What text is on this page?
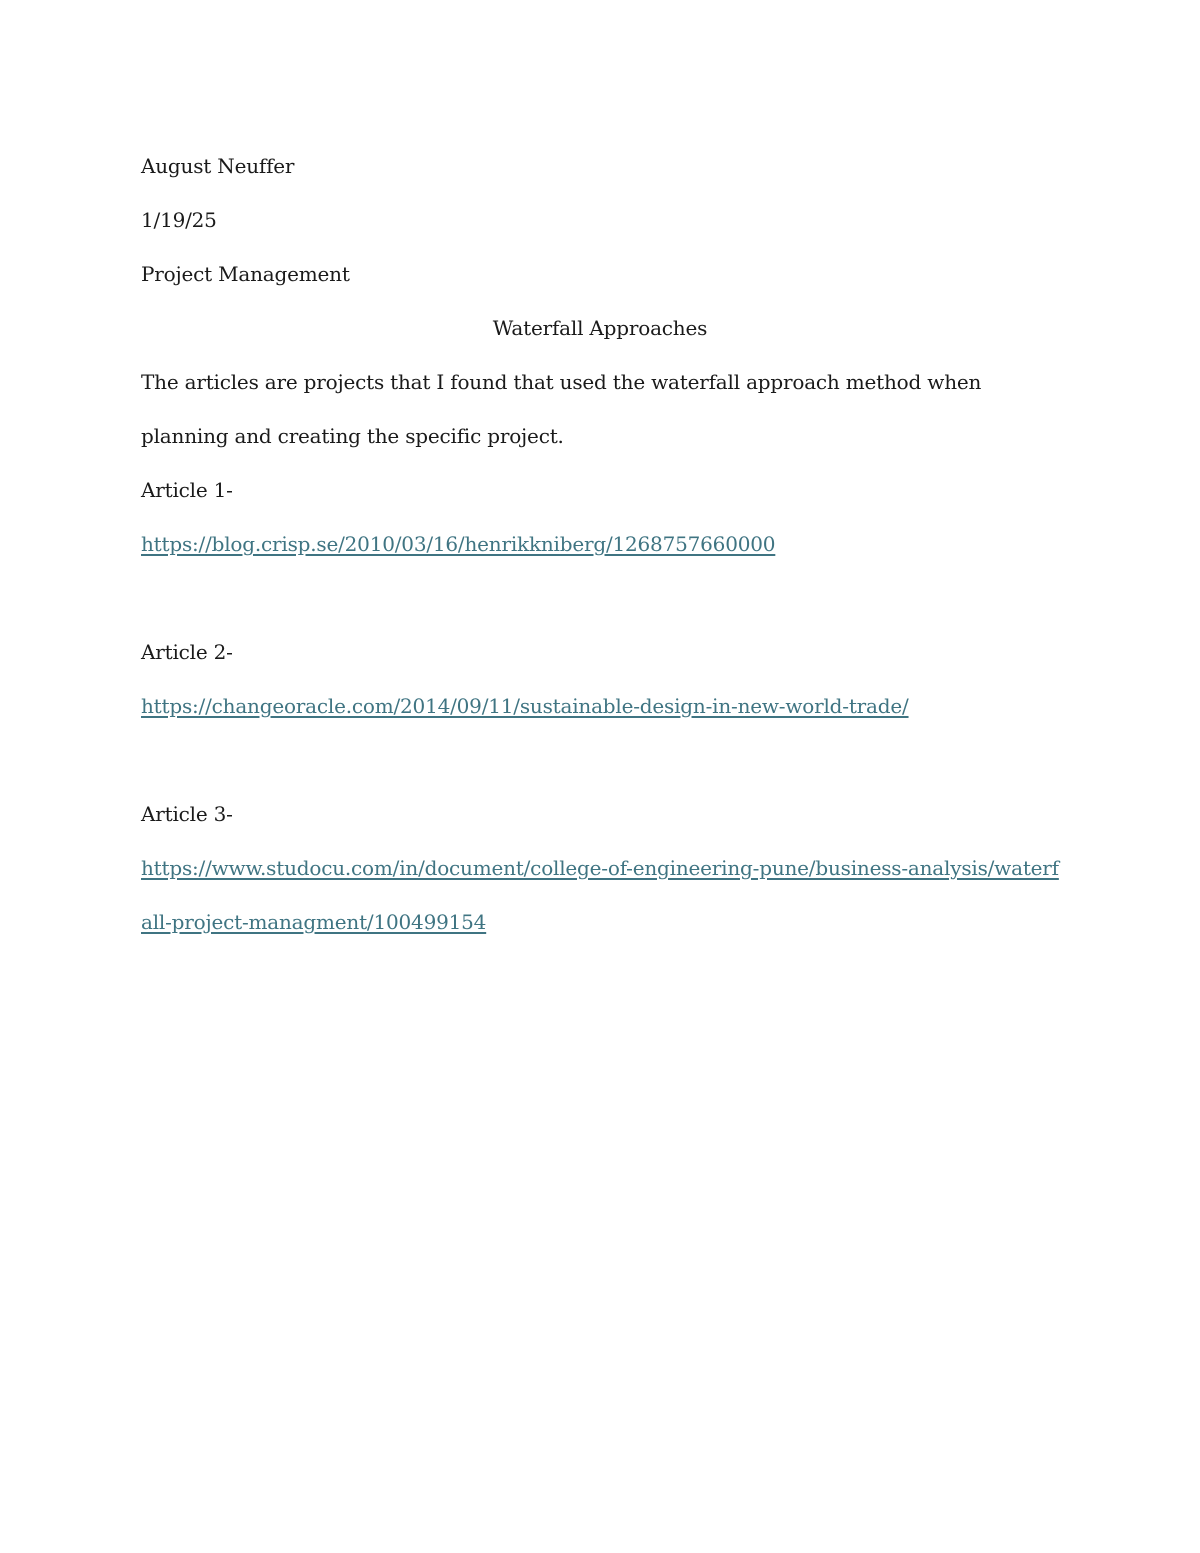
August Neuffer

1/19/25

Project Management

Waterfall Approaches

The articles are projects that I found that used the waterfall approach method when planning and creating the specific project.

Article 1-

https://blog.crisp.se/2010/03/16/henrikkniberg/1268757660000

Article 2-

https://changeoracle.com/2014/09/11/sustainable-design-in-new-world-trade/

Article 3-

https://www.studocu.com/in/document/college-of-engineering-pune/business-analysis/waterfall-project-managment/100499154
